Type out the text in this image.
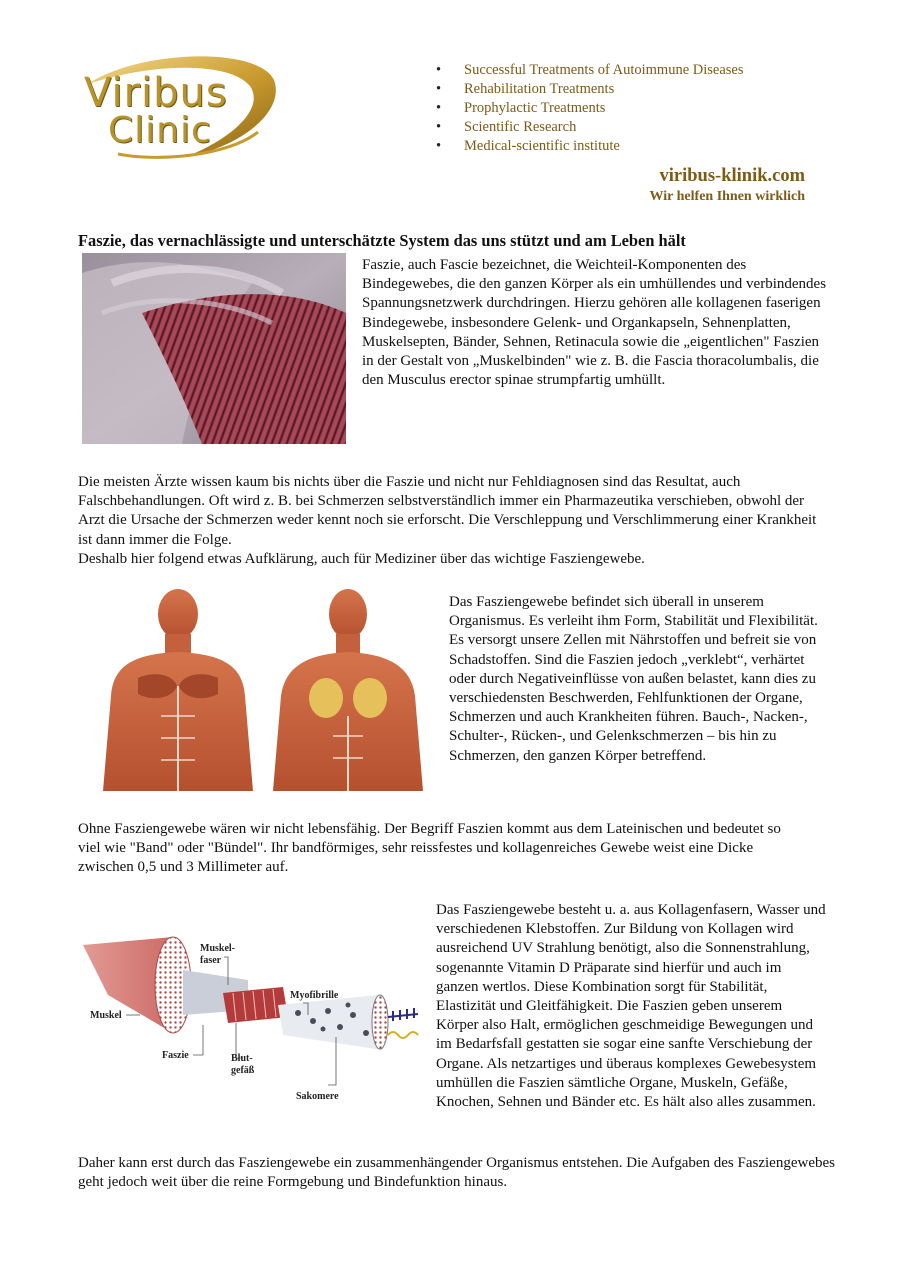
Viribus
Clinic
• Successful Treatments of Autoimmune Diseases
• Rehabilitation Treatments
• Prophylactic Treatments
• Scientific Research
• Medical-scientific institute
viribus-klinik.com
Wir helfen Ihnen wirklich
Faszie, das vernachlässigte und unterschätzte System das uns stützt und am Leben hält

Faszie, auch Fascie bezeichnet, die Weichteil-Komponenten des Bindegewebes, die den ganzen Körper als ein umhüllendes und verbindendes Spannungsnetzwerk durchdringen. Hierzu gehören alle kollagenen faserigen Bindegewebe, insbesondere Gelenk- und Organkapseln, Sehnenplatten, Muskelsepten, Bänder, Sehnen, Retinacula sowie die „eigentlichen" Faszien in der Gestalt von „Muskelbinden" wie z. B. die Fascia thoracolumbalis, die den Musculus erector spinae strumpfartig umhüllt.

Die meisten Ärzte wissen kaum bis nichts über die Faszie und nicht nur Fehldiagnosen sind das Resultat, auch Falschbehandlungen. Oft wird z. B. bei Schmerzen selbstverständlich immer ein Pharmazeutika verschieben, obwohl der Arzt die Ursache der Schmerzen weder kennt noch sie erforscht. Die Verschleppung und Verschlimmerung einer Krankheit ist dann immer die Folge.

Deshalb hier folgend etwas Aufklärung, auch für Mediziner über das wichtige Fasziengewebe.

Das Fasziengewebe befindet sich überall in unserem Organismus. Es verleiht ihm Form, Stabilität und Flexibilität. Es versorgt unsere Zellen mit Nährstoffen und befreit sie von Schadstoffen. Sind die Faszien jedoch „verklebt“, verhärtet oder durch Negativeinflüsse von außen belastet, kann dies zu verschiedensten Beschwerden, Fehlfunktionen der Organe, Schmerzen und auch Krankheiten führen. Bauch-, Nacken-, Schulter-, Rücken-, und Gelenkschmerzen – bis hin zu Schmerzen, den ganzen Körper betreffend.

Ohne Fasziengewebe wären wir nicht lebensfähig. Der Begriff Faszien kommt aus dem Lateinischen und bedeutet so viel wie "Band" oder "Bündel". Ihr bandförmiges, sehr reissfestes und kollagenreiches Gewebe weist eine Dicke zwischen 0,5 und 3 Millimeter auf.

Muskel
Muskel-
faser
Myofibrille
Faszie	Blut-
gefäß
Sakomere

Das Fasziengewebe besteht u. a. aus Kollagenfasern, Wasser und verschiedenen Klebstoffen. Zur Bildung von Kollagen wird ausreichend UV Strahlung benötigt, also die Sonnenstrahlung, sogenannte Vitamin D Präparate sind hierfür und auch im ganzen wertlos. Diese Kombination sorgt für Stabilität, Elastizität und Gleitfähigkeit. Die Faszien geben unserem Körper also Halt, ermöglichen geschmeidige Bewegungen und im Bedarfsfall gestatten sie sogar eine sanfte Verschiebung der Organe. Als netzartiges und überaus komplexes Gewebesystem umhüllen die Faszien sämtliche Organe, Muskeln, Gefäße, Knochen, Sehnen und Bänder etc. Es hält also alles zusammen.

Daher kann erst durch das Fasziengewebe ein zusammenhängender Organismus entstehen. Die Aufgaben des Fasziengewebes geht jedoch weit über die reine Formgebung und Bindefunktion hinaus.
